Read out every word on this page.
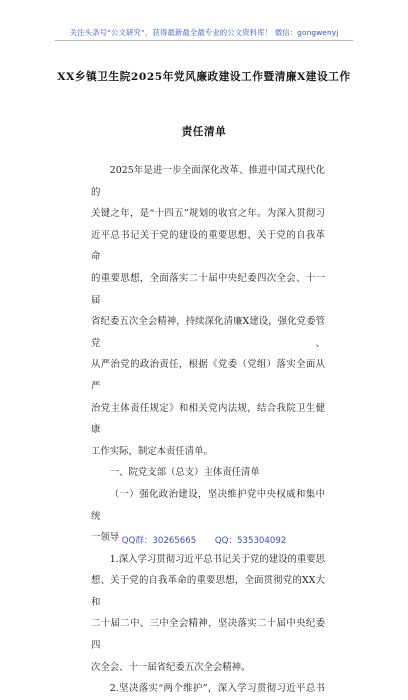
关注头条号“公文研究”，获得最新最全最专业的公文资料库！ 微信：gongwenyj
XX乡镇卫生院2025年党风廉政建设工作暨清廉X建设工作
责任清单

2025年是进一步全面深化改革、推进中国式现代化的

关键之年，是“十四五”规划的收官之年。为深入贯彻习

近平总书记关于党的建设的重要思想、关于党的自我革命

的重要思想，全面落实二十届中央纪委四次全会、十一届

省纪委五次全会精神，持续深化清廉X建设，强化党委管党、

从严治党的政治责任，根据《党委（党组）落实全面从严

治党主体责任规定》和相关党内法规，结合我院卫生健康

工作实际，制定本责任清单。

一、院党支部（总支）主体责任清单

（一）强化政治建设，坚决维护党中央权威和集中统

一领导

1.深入学习贯彻习近平总书记关于党的建设的重要思

想、关于党的自我革命的重要思想，全面贯彻党的XX大和

二十届二中、三中全会精神，坚决落实二十届中央纪委四

次全会、十一届省纪委五次全会精神。

2.坚决落实“两个维护”，深入学习贯彻习近平总书

QQ群：30265665 QQ：535304092
